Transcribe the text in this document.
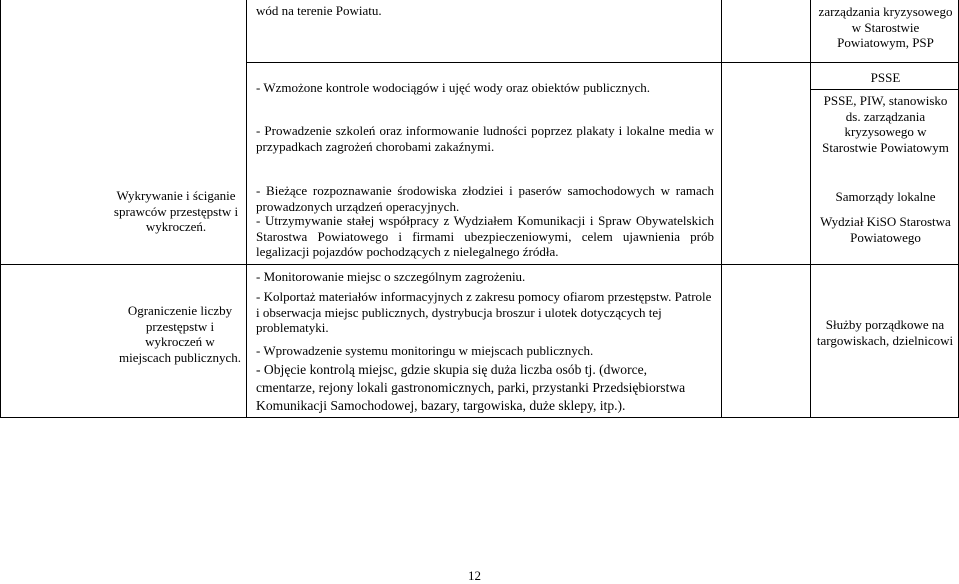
wód na terenie Powiatu.	zarządzania kryzysowego w Starostwie Powiatowym, PSP
- Wzmożone kontrole wodociągów i ujęć wody oraz obiektów publicznych.
PSSE
- Prowadzenie szkoleń oraz informowanie ludności poprzez plakaty i lokalne media w przypadkach zagrożeń chorobami zakaźnymi.
PSSE, PIW, stanowisko ds. zarządzania kryzysowego w Starostwie Powiatowym
Wykrywanie i ściganie sprawców przestępstw i wykroczeń.
- Bieżące rozpoznawanie środowiska złodziei i paserów samochodowych w ramach prowadzonych urządzeń operacyjnych.
Samorządy lokalne
- Utrzymywanie stałej współpracy z Wydziałem Komunikacji i Spraw Obywatelskich Starostwa Powiatowego i firmami ubezpieczeniowymi, celem ujawnienia prób legalizacji pojazdów pochodzących z nielegalnego źródła.
Wydział KiSO Starostwa Powiatowego
Ograniczenie liczby przestępstw i wykroczeń w miejscach publicznych.
- Monitorowanie miejsc o szczególnym zagrożeniu.
- Kolportaż materiałów informacyjnych z zakresu pomocy ofiarom przestępstw. Patrole i obserwacja miejsc publicznych, dystrybucja broszur i ulotek dotyczących tej problematyki.
- Wprowadzenie systemu monitoringu w miejscach publicznych.
- Objęcie kontrolą miejsc, gdzie skupia się duża liczba osób tj. (dworce, cmentarze, rejony lokali gastronomicznych, parki, przystanki Przedsiębiorstwa Komunikacji Samochodowej, bazary, targowiska, duże sklepy, itp.).
Służby porządkowe na targowiskach, dzielnicowi
12
